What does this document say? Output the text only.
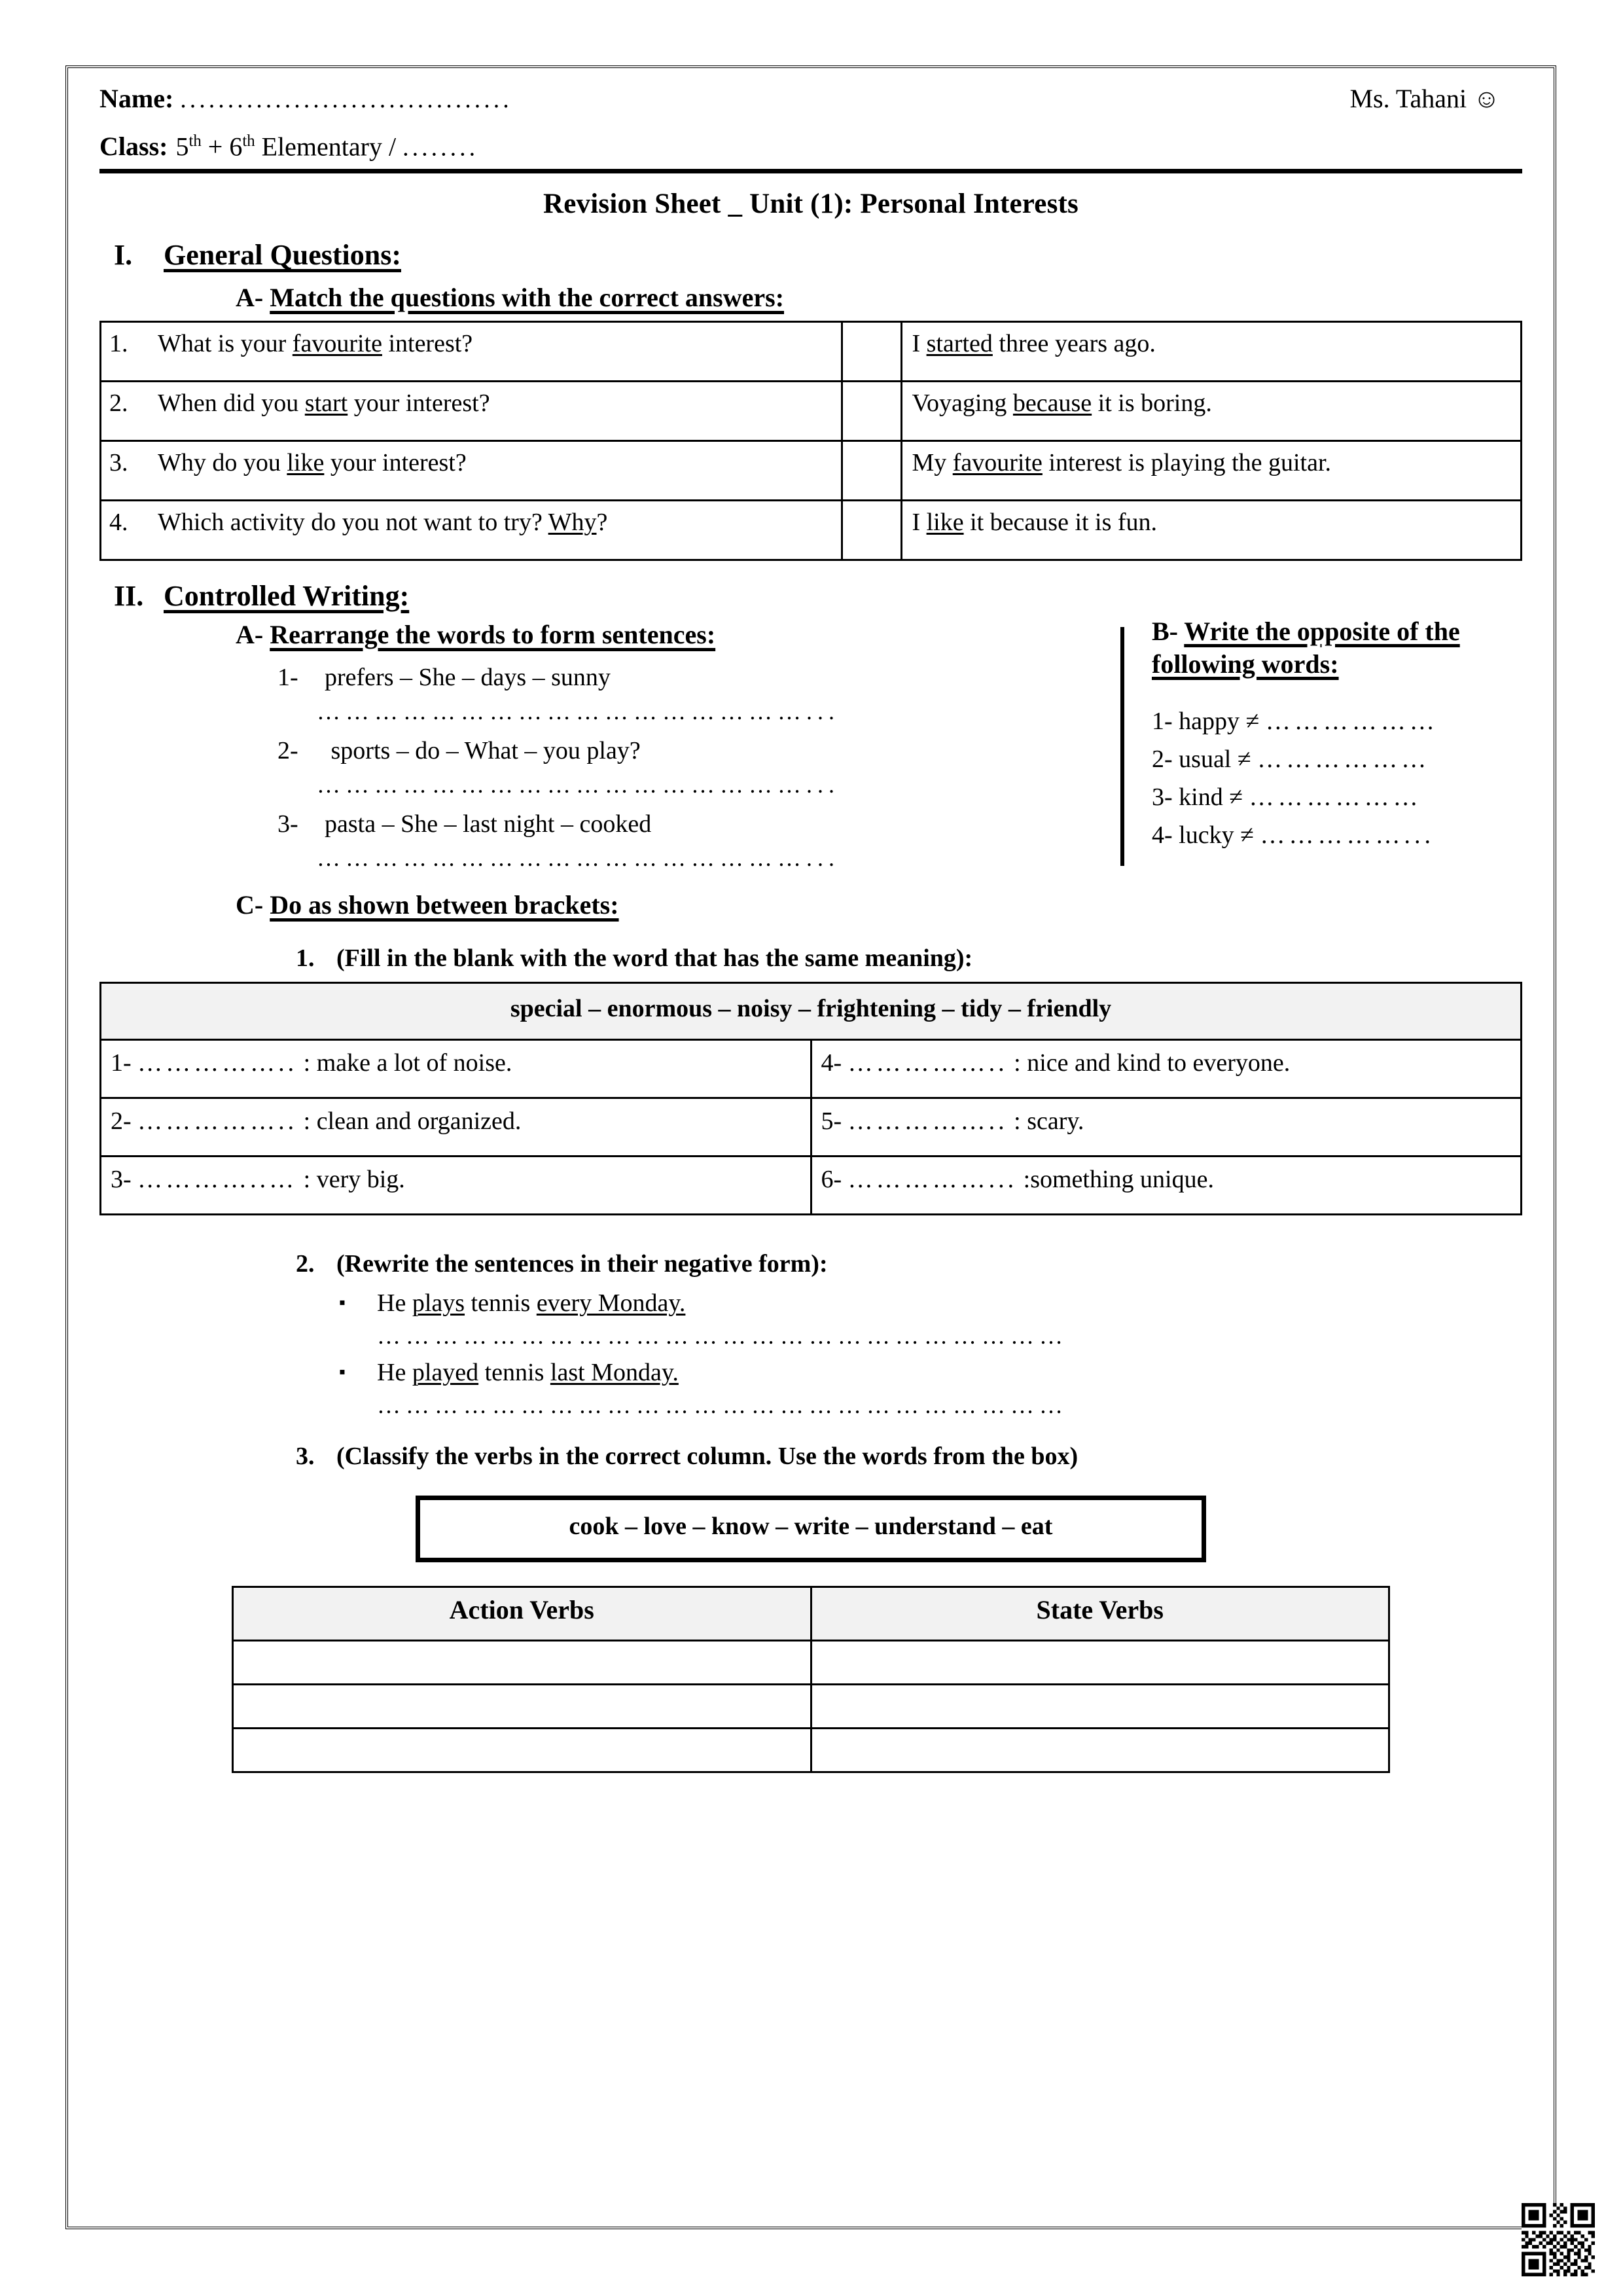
Name: ...................................	Ms. Tahani ☺
Class: 5th + 6th Elementary / ........
Revision Sheet _ Unit (1): Personal Interests
I.	General Questions:
A- Match the questions with the correct answers:
1. What is your favourite interest?		I started three years ago.

2. When did you start your interest?		Voyaging because it is boring.

3. Why do you like your interest?		My favourite interest is playing the guitar.

4. Which activity do you not want to try? Why?		I like it because it is fun.
II. Controlled Writing:
A- Rearrange the words to form sentences:
1- prefers – She – days – sunny
……………………………………………...
2- sports – do – What – you play?
……………………………………………...
3- pasta – She – last night – cooked
……………………………………………...
B- Write the opposite of the
following words:
1- happy ≠ ………………
2- usual ≠ ………………
3- kind ≠ ………………
4- lucky ≠ ……………...
C- Do as shown between brackets:
1. (Fill in the blank with the word that has the same meaning):
special – enormous – noisy – frightening – tidy – friendly	
1- …………….. : make a lot of noise.	4- …………….. : nice and kind to everyone.
2- …………….. : clean and organized.	5- …………….. : scary.
3- …………..… : very big.	6- ……………... :something unique.
2. (Rewrite the sentences in their negative form):
▪	He plays tennis every Monday.
………………………………………………………………
▪	He played tennis last Monday.
………………………………………………………………
3. (Classify the verbs in the correct column. Use the words from the box)
cook – love – know – write – understand – eat
Action Verbs	State Verbs
